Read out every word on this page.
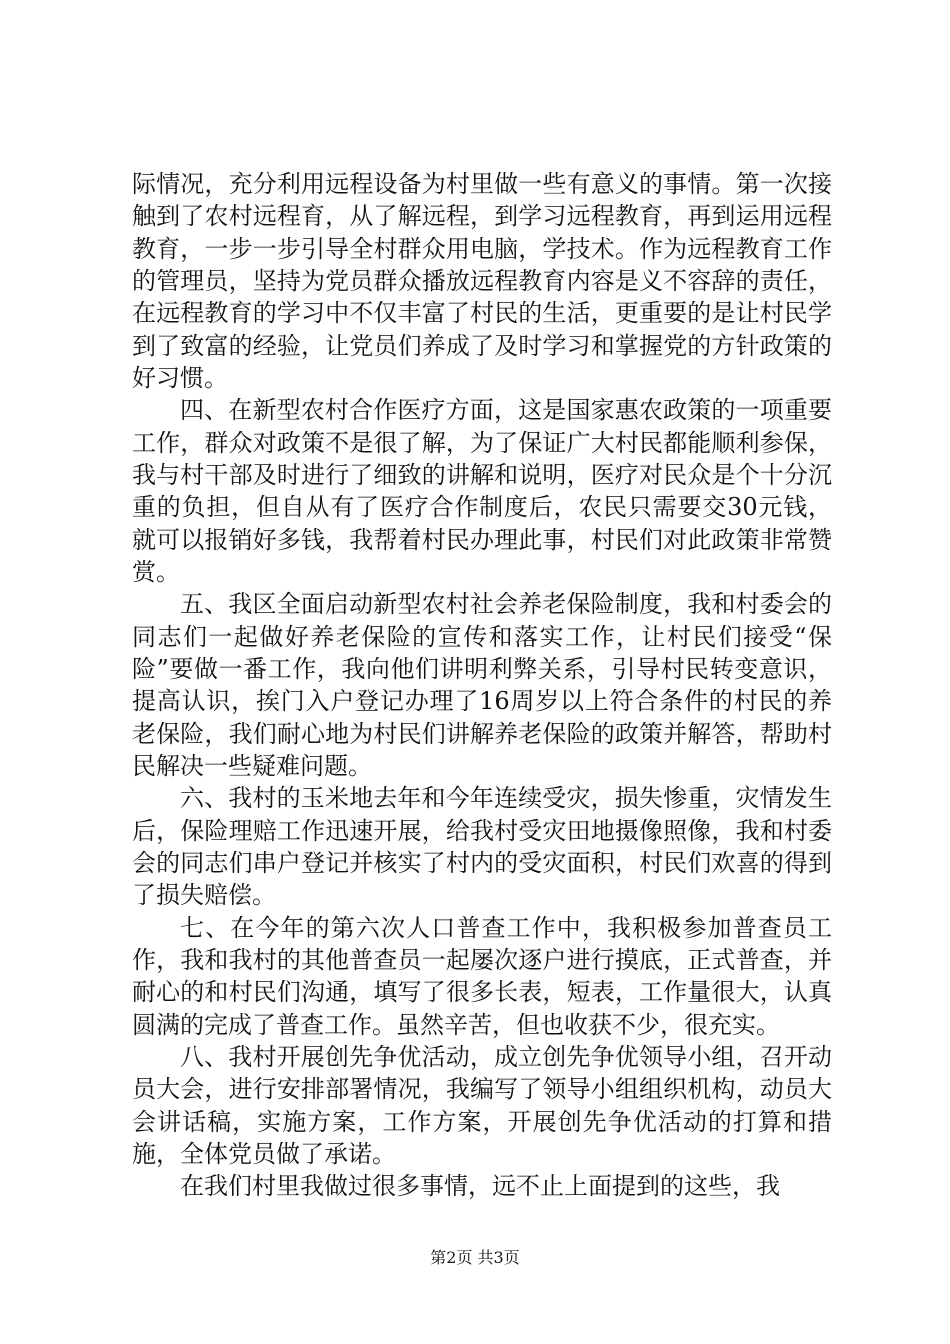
际情况，充分利用远程设备为村里做一些有意义的事情。第一次接触到了农村远程育，从了解远程，到学习远程教育，再到运用远程教育，一步一步引导全村群众用电脑，学技术。作为远程教育工作的管理员，坚持为党员群众播放远程教育内容是义不容辞的责任，在远程教育的学习中不仅丰富了村民的生活，更重要的是让村民学到了致富的经验，让党员们养成了及时学习和掌握党的方针政策的好习惯。

四、在新型农村合作医疗方面，这是国家惠农政策的一项重要工作，群众对政策不是很了解，为了保证广大村民都能顺利参保，我与村干部及时进行了细致的讲解和说明，医疗对民众是个十分沉重的负担，但自从有了医疗合作制度后，农民只需要交30元钱，就可以报销好多钱，我帮着村民办理此事，村民们对此政策非常赞赏。

五、我区全面启动新型农村社会养老保险制度，我和村委会的同志们一起做好养老保险的宣传和落实工作，让村民们接受“保险”要做一番工作，我向他们讲明利弊关系，引导村民转变意识，提高认识，挨门入户登记办理了16周岁以上符合条件的村民的养老保险，我们耐心地为村民们讲解养老保险的政策并解答，帮助村民解决一些疑难问题。

六、我村的玉米地去年和今年连续受灾，损失惨重，灾情发生后，保险理赔工作迅速开展，给我村受灾田地摄像照像，我和村委会的同志们串户登记并核实了村内的受灾面积，村民们欢喜的得到了损失赔偿。

七、在今年的第六次人口普查工作中，我积极参加普查员工作，我和我村的其他普查员一起屡次逐户进行摸底，正式普查，并耐心的和村民们沟通，填写了很多长表，短表，工作量很大，认真圆满的完成了普查工作。虽然辛苦，但也收获不少，很充实。

八、我村开展创先争优活动，成立创先争优领导小组，召开动员大会，进行安排部署情况，我编写了领导小组组织机构，动员大会讲话稿，实施方案，工作方案，开展创先争优活动的打算和措施，全体党员做了承诺。

在我们村里我做过很多事情，远不止上面提到的这些，我

第2页 共3页
